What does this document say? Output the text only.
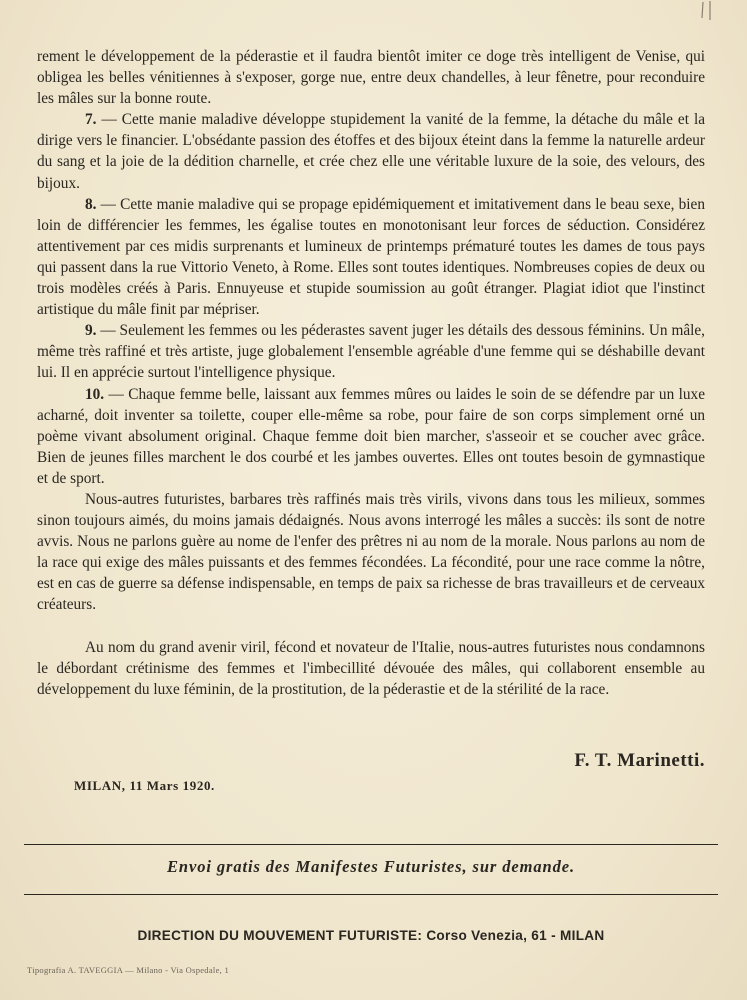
rement le développement de la péderastie et il faudra bientôt imiter ce doge très intelligent de Venise, qui obligea les belles vénitiennes à s'exposer, gorge nue, entre deux chandelles, à leur fênetre, pour reconduire les mâles sur la bonne route.

7. — Cette manie maladive développe stupidement la vanité de la femme, la détache du mâle et la dirige vers le financier. L'obsédante passion des étoffes et des bijoux éteint dans la femme la naturelle ardeur du sang et la joie de la dédition charnelle, et crée chez elle une véritable luxure de la soie, des velours, des bijoux.

8. — Cette manie maladive qui se propage epidémiquement et imitativement dans le beau sexe, bien loin de différencier les femmes, les égalise toutes en monotonisant leur forces de séduction. Considérez attentivement par ces midis surprenants et lumineux de printemps prématuré toutes les dames de tous pays qui passent dans la rue Vittorio Veneto, à Rome. Elles sont toutes identiques. Nombreuses copies de deux ou trois modèles créés à Paris. Ennuyeuse et stupide soumission au goût étranger. Plagiat idiot que l'instinct artistique du mâle finit par mépriser.

9. — Seulement les femmes ou les péderastes savent juger les détails des dessous féminins. Un mâle, même très raffiné et très artiste, juge globalement l'ensemble agréable d'une femme qui se déshabille devant lui. Il en apprécie surtout l'intelligence physique.

10. — Chaque femme belle, laissant aux femmes mûres ou laides le soin de se défendre par un luxe acharné, doit inventer sa toilette, couper elle-même sa robe, pour faire de son corps simplement orné un poème vivant absolument original. Chaque femme doit bien marcher, s'asseoir et se coucher avec grâce. Bien de jeunes filles marchent le dos courbé et les jambes ouvertes. Elles ont toutes besoin de gymnastique et de sport.

Nous-autres futuristes, barbares très raffinés mais très virils, vivons dans tous les milieux, sommes sinon toujours aimés, du moins jamais dédaignés. Nous avons interrogé les mâles a succès: ils sont de notre avvis. Nous ne parlons guère au nome de l'enfer des prêtres ni au nom de la morale. Nous parlons au nom de la race qui exige des mâles puissants et des femmes fécondées. La fécondité, pour une race comme la nôtre, est en cas de guerre sa défense indispensable, en temps de paix sa richesse de bras travailleurs et de cerveaux créateurs.

Au nom du grand avenir viril, fécond et novateur de l'Italie, nous-autres futuristes nous condamnons le débordant crétinisme des femmes et l'imbecillité dévouée des mâles, qui collaborent ensemble au développement du luxe féminin, de la prostitution, de la péderastie et de la stérilité de la race.

F. T. Marinetti.
MILAN, 11 Mars 1920.
Envoi gratis des Manifestes Futuristes, sur demande.
DIRECTION DU MOUVEMENT FUTURISTE: Corso Venezia, 61 - MILAN
Tipografia A. TAVEGGIA — Milano - Via Ospedale, 1
